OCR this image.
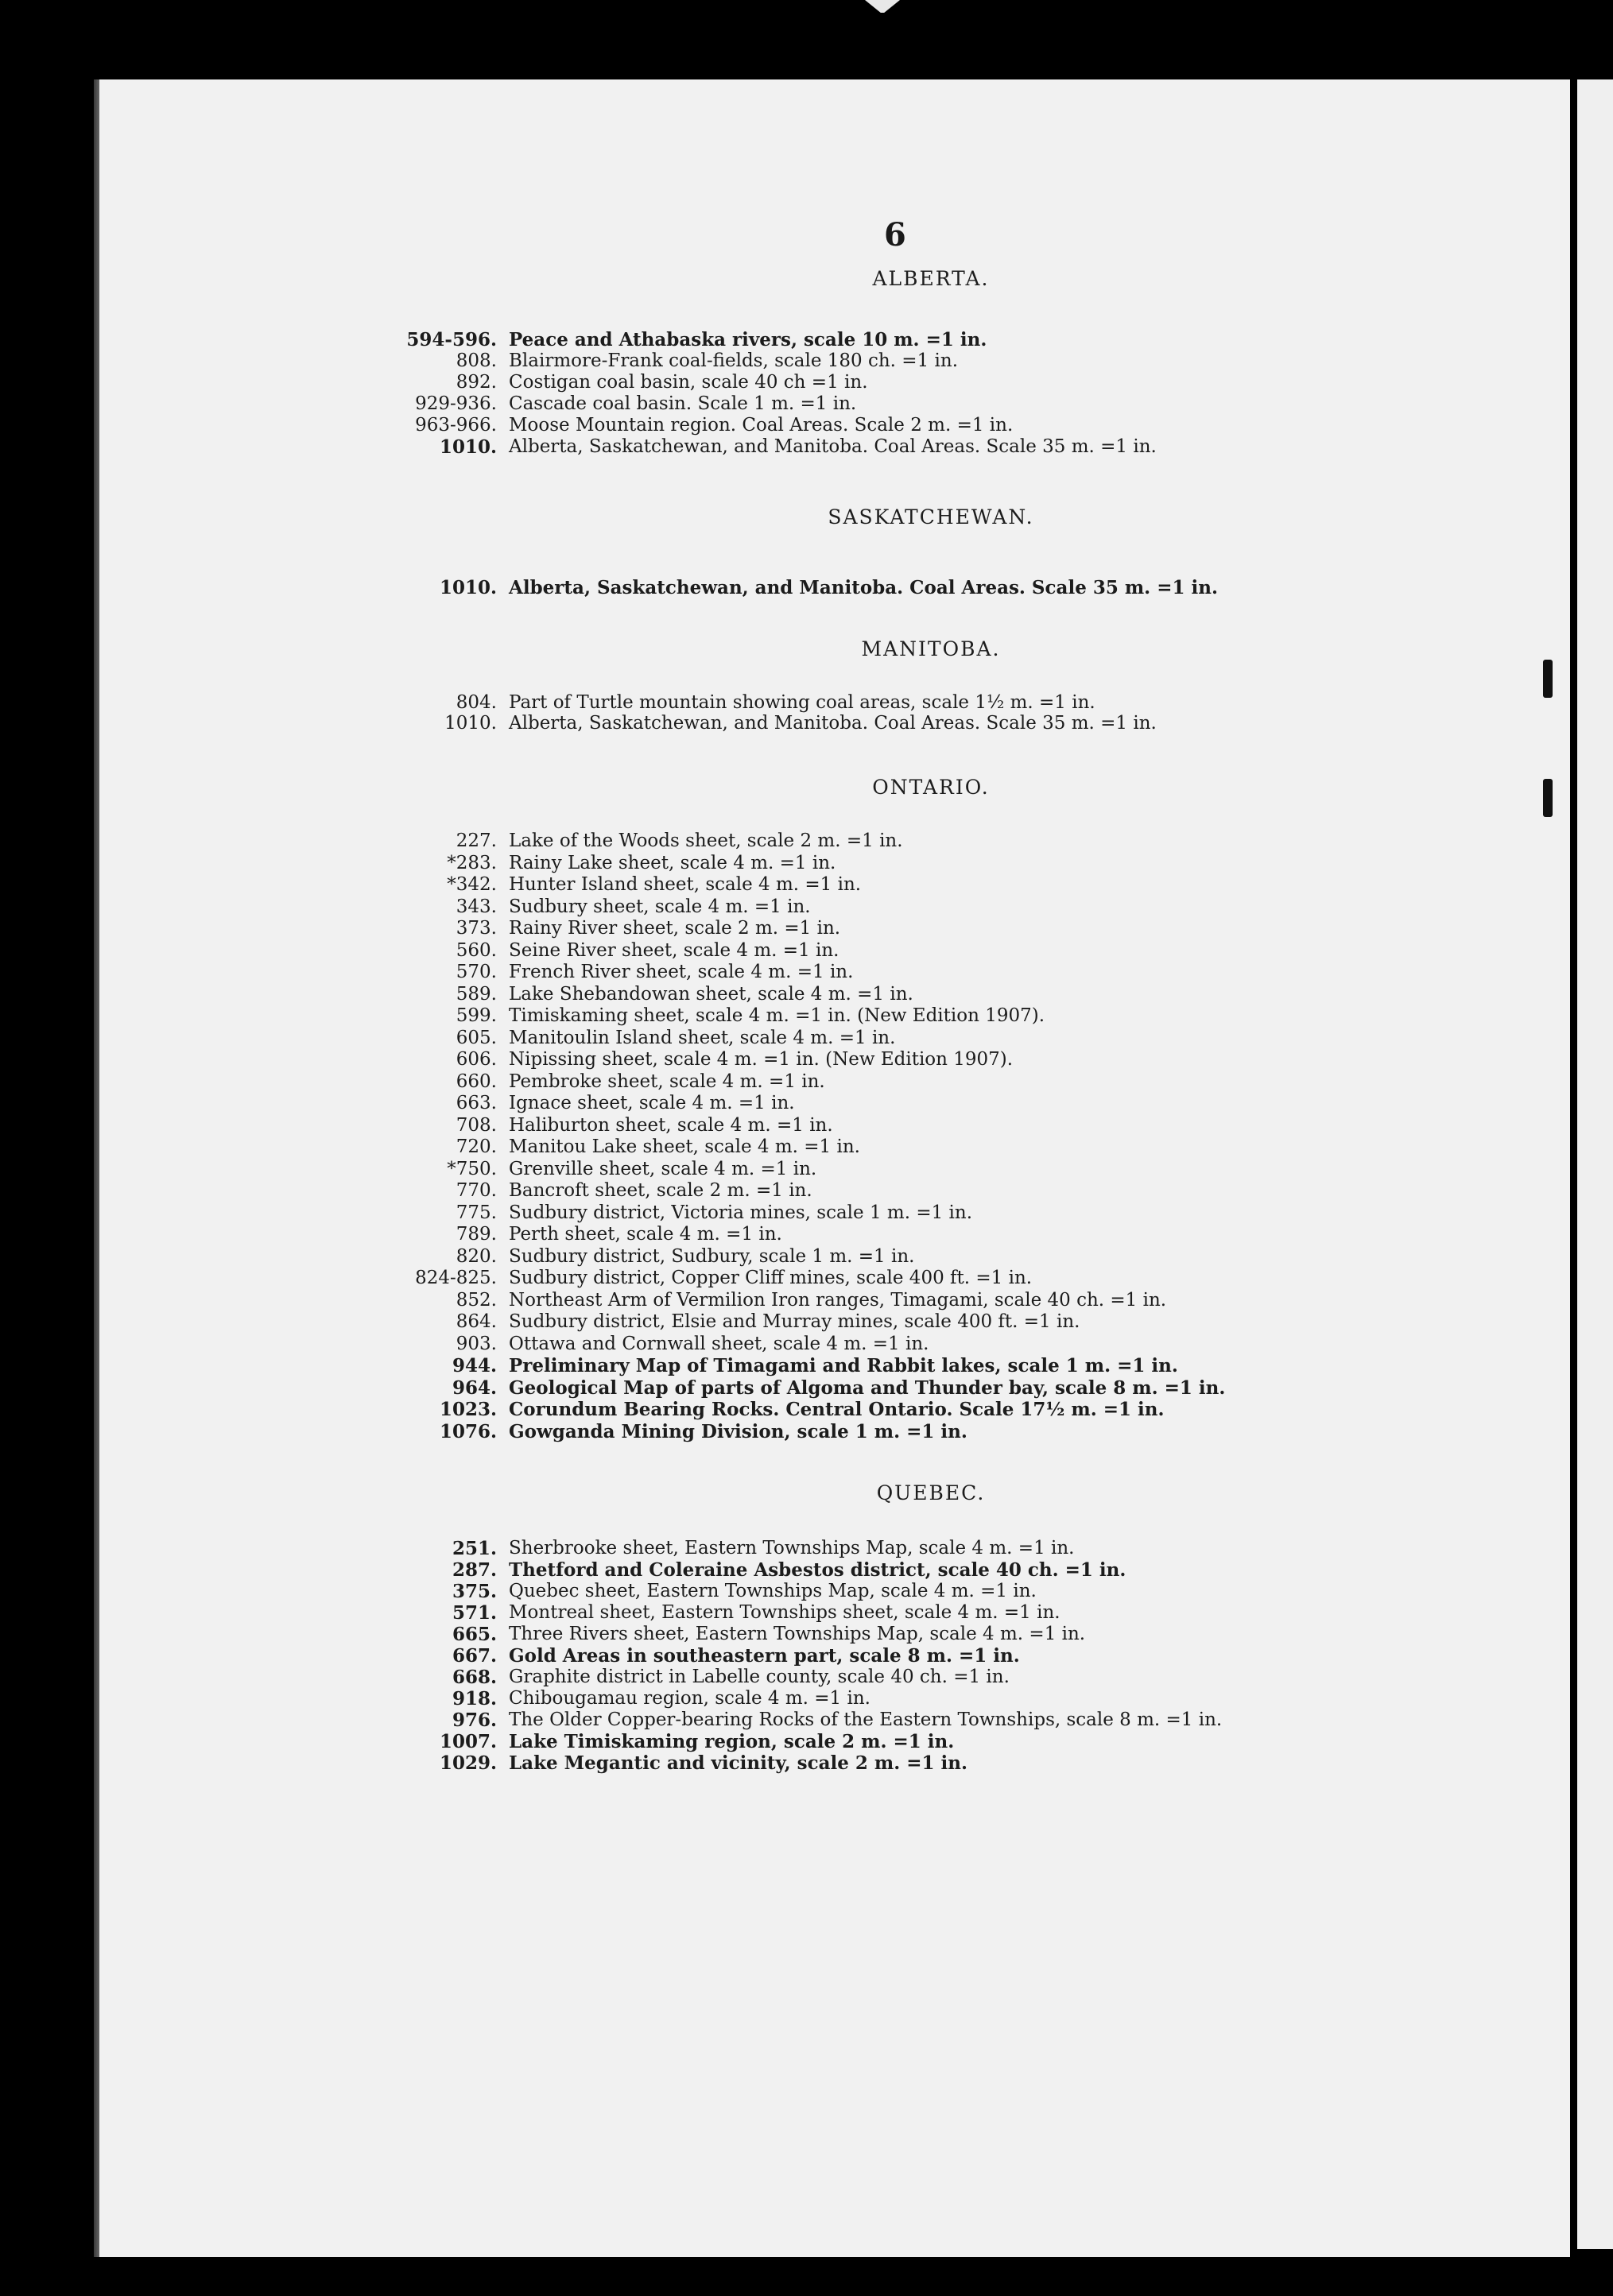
6
ALBERTA.
594-596. Peace and Athabaska rivers, scale 10 m. =1 in.
808. Blairmore-Frank coal-fields, scale 180 ch. =1 in.
892. Costigan coal basin, scale 40 ch =1 in.
929-936. Cascade coal basin. Scale 1 m. =1 in.
963-966. Moose Mountain region. Coal Areas. Scale 2 m. =1 in.
1010. Alberta, Saskatchewan, and Manitoba. Coal Areas. Scale 35 m. =1 in.
SASKATCHEWAN.
1010. Alberta, Saskatchewan, and Manitoba. Coal Areas. Scale 35 m. =1 in.
MANITOBA.
804. Part of Turtle mountain showing coal areas, scale 1½ m. =1 in.
1010. Alberta, Saskatchewan, and Manitoba. Coal Areas. Scale 35 m. =1 in.
ONTARIO.
227. Lake of the Woods sheet, scale 2 m. =1 in.
*283. Rainy Lake sheet, scale 4 m. =1 in.
*342. Hunter Island sheet, scale 4 m. =1 in.
343. Sudbury sheet, scale 4 m. =1 in.
373. Rainy River sheet, scale 2 m. =1 in.
560. Seine River sheet, scale 4 m. =1 in.
570. French River sheet, scale 4 m. =1 in.
589. Lake Shebandowan sheet, scale 4 m. =1 in.
599. Timiskaming sheet, scale 4 m. =1 in. (New Edition 1907).
605. Manitoulin Island sheet, scale 4 m. =1 in.
606. Nipissing sheet, scale 4 m. =1 in. (New Edition 1907).
660. Pembroke sheet, scale 4 m. =1 in.
663. Ignace sheet, scale 4 m. =1 in.
708. Haliburton sheet, scale 4 m. =1 in.
720. Manitou Lake sheet, scale 4 m. =1 in.
*750. Grenville sheet, scale 4 m. =1 in.
770. Bancroft sheet, scale 2 m. =1 in.
775. Sudbury district, Victoria mines, scale 1 m. =1 in.
789. Perth sheet, scale 4 m. =1 in.
820. Sudbury district, Sudbury, scale 1 m. =1 in.
824-825. Sudbury district, Copper Cliff mines, scale 400 ft. =1 in.
852. Northeast Arm of Vermilion Iron ranges, Timagami, scale 40 ch. =1 in.
864. Sudbury district, Elsie and Murray mines, scale 400 ft. =1 in.
903. Ottawa and Cornwall sheet, scale 4 m. =1 in.
944. Preliminary Map of Timagami and Rabbit lakes, scale 1 m. =1 in.
964. Geological Map of parts of Algoma and Thunder bay, scale 8 m. =1 in.
1023. Corundum Bearing Rocks. Central Ontario. Scale 17½ m. =1 in.
1076. Gowganda Mining Division, scale 1 m. =1 in.
QUEBEC.
251. Sherbrooke sheet, Eastern Townships Map, scale 4 m. =1 in.
287. Thetford and Coleraine Asbestos district, scale 40 ch. =1 in.
375. Quebec sheet, Eastern Townships Map, scale 4 m. =1 in.
571. Montreal sheet, Eastern Townships sheet, scale 4 m. =1 in.
665. Three Rivers sheet, Eastern Townships Map, scale 4 m. =1 in.
667. Gold Areas in southeastern part, scale 8 m. =1 in.
668. Graphite district in Labelle county, scale 40 ch. =1 in.
918. Chibougamau region, scale 4 m. =1 in.
976. The Older Copper-bearing Rocks of the Eastern Townships, scale 8 m. =1 in.
1007. Lake Timiskaming region, scale 2 m. =1 in.
1029. Lake Megantic and vicinity, scale 2 m. =1 in.
